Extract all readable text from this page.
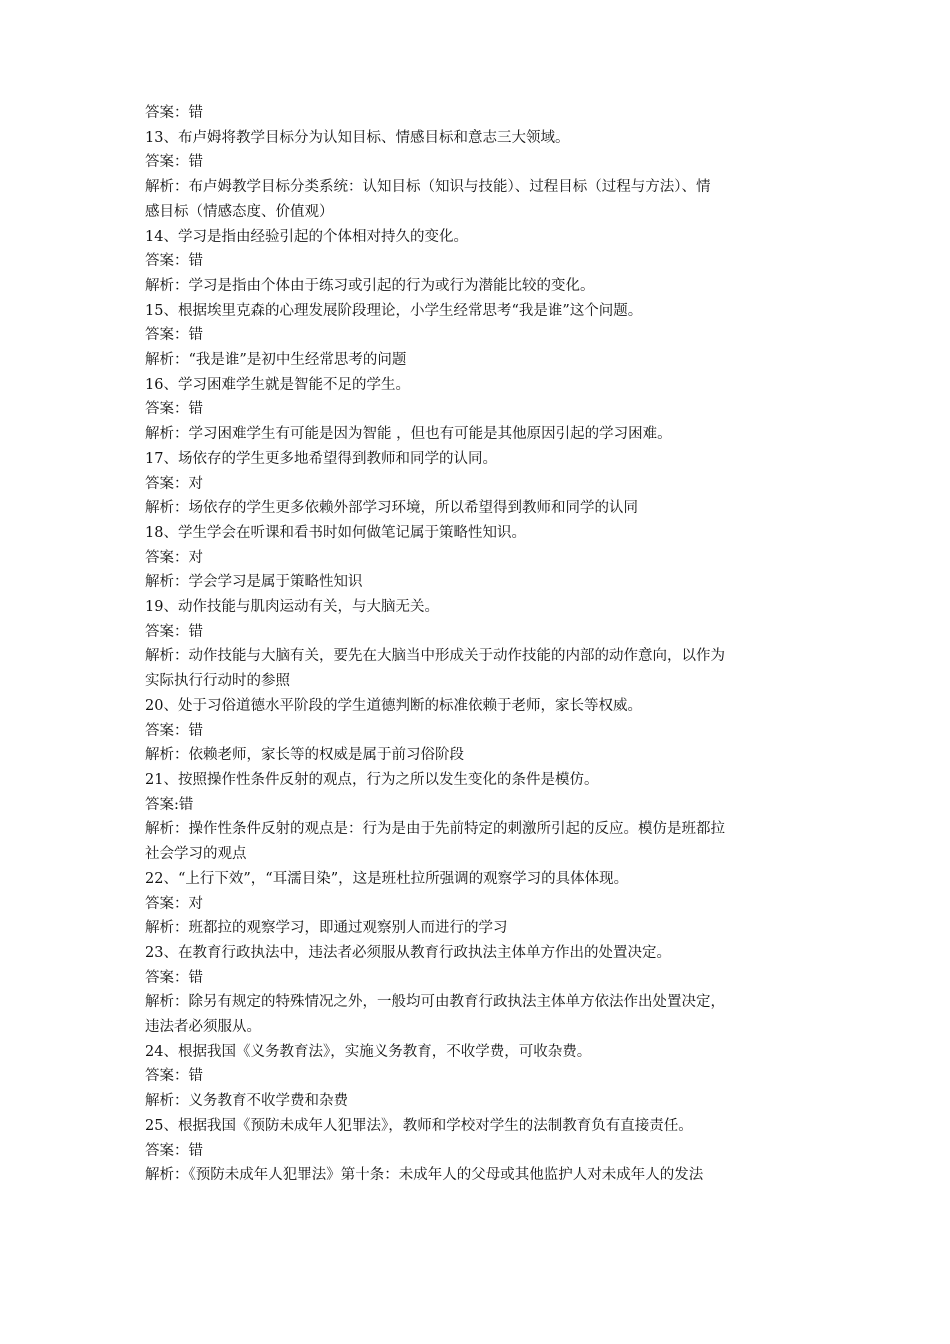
答案：错

13、布卢姆将教学目标分为认知目标、情感目标和意志三大领域。

答案：错

解析：布卢姆教学目标分类系统：认知目标（知识与技能）、过程目标（过程与方法）、情

感目标（情感态度、价值观）

14、学习是指由经验引起的个体相对持久的变化。

答案：错

解析：学习是指由个体由于练习或引起的行为或行为潜能比较的变化。

15、根据埃里克森的心理发展阶段理论，小学生经常思考“我是谁”这个问题。

答案：错

解析：“我是谁”是初中生经常思考的问题

16、学习困难学生就是智能不足的学生。

答案：错

解析：学习困难学生有可能是因为智能 ，但也有可能是其他原因引起的学习困难。

17、场依存的学生更多地希望得到教师和同学的认同。

答案：对

解析：场依存的学生更多依赖外部学习环境，所以希望得到教师和同学的认同

18、学生学会在听课和看书时如何做笔记属于策略性知识。

答案：对

解析：学会学习是属于策略性知识

19、动作技能与肌肉运动有关，与大脑无关。

答案：错

解析：动作技能与大脑有关，要先在大脑当中形成关于动作技能的内部的动作意向，以作为

实际执行行动时的参照

20、处于习俗道德水平阶段的学生道德判断的标准依赖于老师，家长等权威。

答案：错

解析：依赖老师，家长等的权威是属于前习俗阶段

21、按照操作性条件反射的观点，行为之所以发生变化的条件是模仿。

答案:错

解析：操作性条件反射的观点是：行为是由于先前特定的刺激所引起的反应。模仿是班都拉

社会学习的观点

22、“上行下效”，“耳濡目染”，这是班杜拉所强调的观察学习的具体体现。

答案：对

解析：班都拉的观察学习，即通过观察别人而进行的学习

23、在教育行政执法中，违法者必须服从教育行政执法主体单方作出的处置决定。

答案：错

解析：除另有规定的特殊情况之外，一般均可由教育行政执法主体单方依法作出处置决定，

违法者必须服从。

24、根据我国《义务教育法》，实施义务教育，不收学费，可收杂费。

答案：错

解析：义务教育不收学费和杂费

25、根据我国《预防未成年人犯罪法》，教师和学校对学生的法制教育负有直接责任。

答案：错

解析：《预防未成年人犯罪法》第十条：未成年人的父母或其他监护人对未成年人的发法
